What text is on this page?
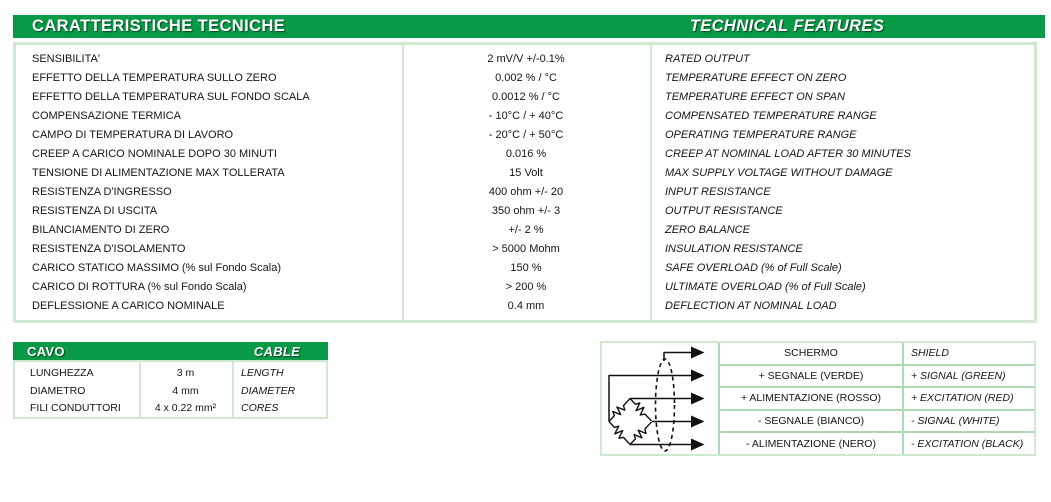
CARATTERISTICHE TECNICHE	TECHNICAL FEATURES
SENSIBILITA'	2 mV/V +/-0.1%	RATED OUTPUT
EFFETTO DELLA TEMPERATURA SULLO ZERO	0.002 % / °C	TEMPERATURE EFFECT ON ZERO
EFFETTO DELLA TEMPERATURA SUL FONDO SCALA	0.0012 % / °C	TEMPERATURE EFFECT ON SPAN
COMPENSAZIONE TERMICA	- 10°C / + 40°C	COMPENSATED TEMPERATURE RANGE
CAMPO DI TEMPERATURA DI LAVORO	- 20°C / + 50°C	OPERATING TEMPERATURE RANGE
CREEP A CARICO NOMINALE DOPO 30 MINUTI	0.016 %	CREEP AT NOMINAL LOAD AFTER 30 MINUTES
TENSIONE DI ALIMENTAZIONE MAX TOLLERATA	15 Volt	MAX SUPPLY VOLTAGE WITHOUT DAMAGE
RESISTENZA D'INGRESSO	400 ohm +/- 20	INPUT RESISTANCE
RESISTENZA DI USCITA	350 ohm +/- 3	OUTPUT RESISTANCE
BILANCIAMENTO DI ZERO	+/- 2 %	ZERO BALANCE
RESISTENZA D'ISOLAMENTO	> 5000 Mohm	INSULATION RESISTANCE
CARICO STATICO MASSIMO (% sul Fondo Scala)	150 %	SAFE OVERLOAD (% of Full Scale)
CARICO DI ROTTURA (% sul Fondo Scala)	> 200 %	ULTIMATE OVERLOAD (% of Full Scale)
DEFLESSIONE A CARICO NOMINALE	0.4 mm	DEFLECTION AT NOMINAL LOAD
CAVO	CABLE
LUNGHEZZA	3 m	LENGTH
DIAMETRO	4 mm	DIAMETER
FILI CONDUTTORI	4 x 0.22 mm²	CORES
SCHERMO	SHIELD
+ SEGNALE (VERDE)	+ SIGNAL (GREEN)
+ ALIMENTAZIONE (ROSSO)	+ EXCITATION (RED)
- SEGNALE (BIANCO)	- SIGNAL (WHITE)
- ALIMENTAZIONE (NERO)	- EXCITATION (BLACK)
